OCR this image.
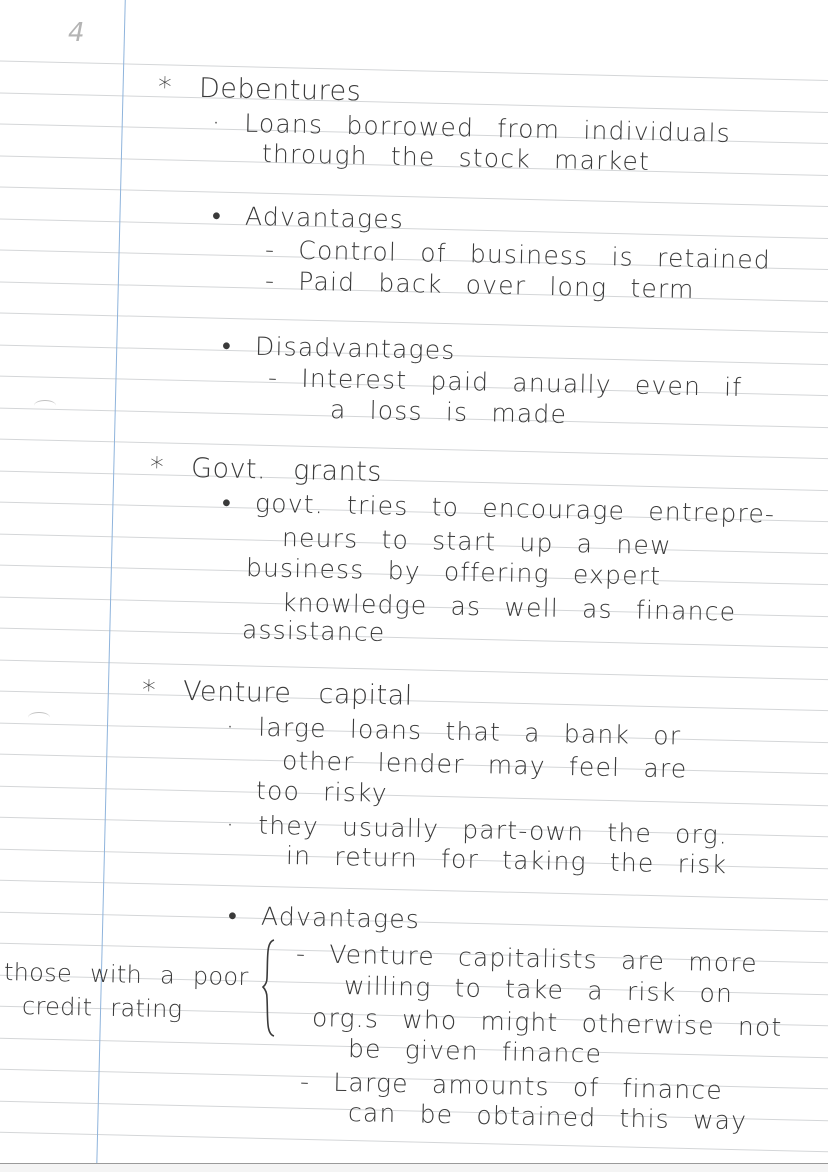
4
* Debentures
· Loans borrowed from individuals
through the stock market
• Advantages
- Control of business is retained
- Paid back over long term
• Disadvantages
- Interest paid anually even if
a loss is made
* Govt. grants
• govt. tries to encourage entrepre-
neurs to start up a new
business by offering expert
knowledge as well as finance
assistance
* Venture capital
· large loans that a bank or
other lender may feel are
too risky
· they usually part-own the org.
in return for taking the risk
• Advantages
- Venture capitalists are more
willing to take a risk on
org.s who might otherwise not
be given finance
- Large amounts of finance
can be obtained this way
those with a poor
credit rating
